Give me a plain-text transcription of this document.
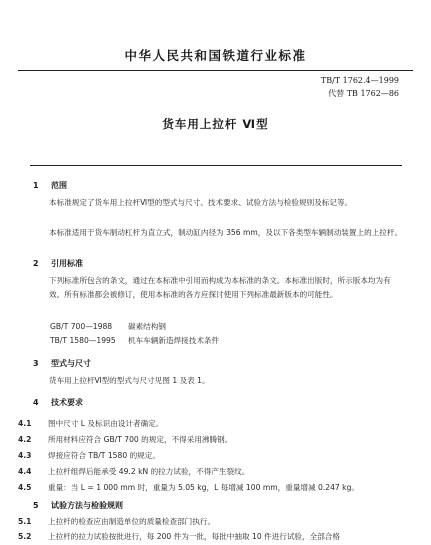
中华人民共和国铁道行业标准
TB/T 1762.4—1999
代替 TB 1762—86
货车用上拉杆 Ⅵ型
1 范围
本标准规定了货车用上拉杆Ⅵ型的型式与尺寸、技术要求、试验方法与检验规则及标记等。
本标准适用于货车制动杠杆为直立式，制动缸内径为 356 mm，及以下各类型车辆制动装置上的上拉杆。
2 引用标准
下列标准所包含的条文，通过在本标准中引用而构成为本标准的条文。本标准出版时，所示版本均为有效。所有标准都会被修订，使用本标准的各方应探讨使用下列标准最新版本的可能性。
GB/T 700—1988 碳素结构钢
TB/T 1580—1995 机车车辆新造焊接技术条件
3 型式与尺寸
货车用上拉杆Ⅵ型的型式与尺寸见图 1 及表 1。
4 技术要求
4.1 图中尺寸 L 及标识由设计者确定。
4.2 所用材料应符合 GB/T 700 的规定，不得采用沸腾钢。
4.3 焊接应符合 TB/T 1580 的规定。
4.4 上拉杆组焊后能承受 49.2 kN 的拉力试验，不得产生裂纹。
4.5 重量：当 L = 1 000 mm 时，重量为 5.05 kg，L 每增减 100 mm，重量增减 0.247 kg。
5 试验方法与检验规则
5.1 上拉杆的检查应由制造单位的质量检查部门执行。
5.2 上拉杆的拉力试验按批进行，每 200 件为一批，每批中抽取 10 件进行试验，全部合格
